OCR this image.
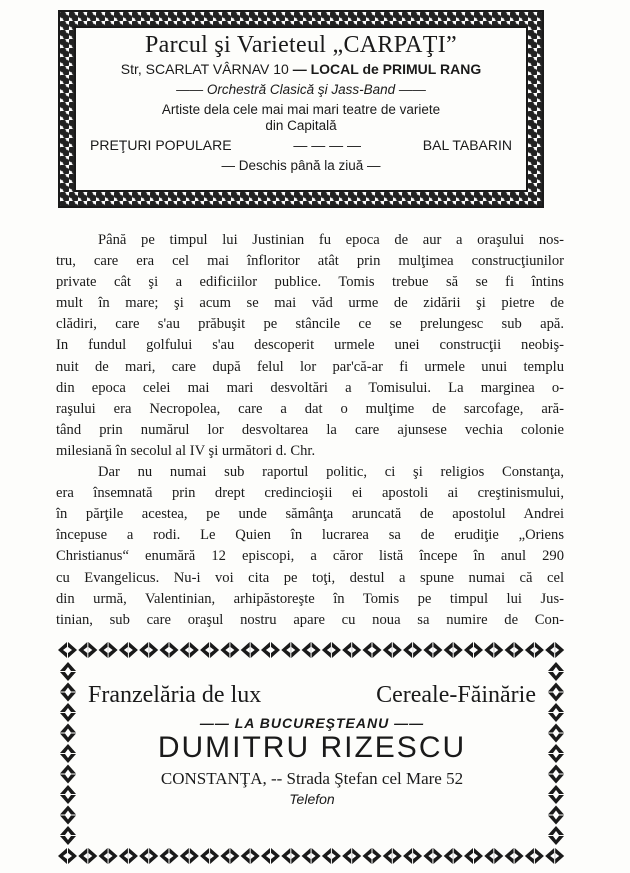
Parcul şi Varieteul „CARPAŢI”
Str, SCARLAT VÂRNAV 10 — LOCAL de PRIMUL RANG
—— Orchestră Clasică şi Jass-Band ——
Artiste dela cele mai mai mari teatre de variete
din Capitală
PREŢURI POPULARE	— — — —	BAL TABARIN
— Deschis până la ziuă —
Până pe timpul lui Justinian fu epoca de aur a oraşului nos-
tru, care era cel mai înfloritor atât prin mulţimea construcţiunilor
private cât şi a edificiilor publice. Tomis trebue să se fi întins
mult în mare; şi acum se mai văd urme de zidării şi pietre de
clădiri, care s'au prăbuşit pe stâncile ce se prelungesc sub apă.
In fundul golfului s'au descoperit urmele unei construcţii neobiş-
nuit de mari, care după felul lor par'că-ar fi urmele unui templu
din epoca celei mai mari desvoltări a Tomisului. La marginea o-
raşului era Necropolea, care a dat o mulţime de sarcofage, ară-
tând prin numărul lor desvoltarea la care ajunsese vechia colonie
milesiană în secolul al IV şi următori d. Chr.
Dar nu numai sub raportul politic, ci şi religios Constanţa,
era însemnată prin drept credincioşii ei apostoli ai creştinismului,
în părţile acestea, pe unde sămânţa aruncată de apostolul Andrei
începuse a rodi. Le Quien în lucrarea sa de erudiţie „Oriens
Christianus“ enumără 12 episcopi, a căror listă începe în anul 290
cu Evangelicus. Nu-i voi cita pe toţi, destul a spune numai că cel
din urmă, Valentinian, arhipăstoreşte în Tomis pe timpul lui Jus-
tinian, sub care oraşul nostru apare cu noua sa numire de Con-
Franzelăria de lux	Cereale-Făinărie
—— LA BUCUREŞTEANU ——
DUMITRU RIZESCU
CONSTANŢA, -- Strada Ştefan cel Mare 52
Telefon
